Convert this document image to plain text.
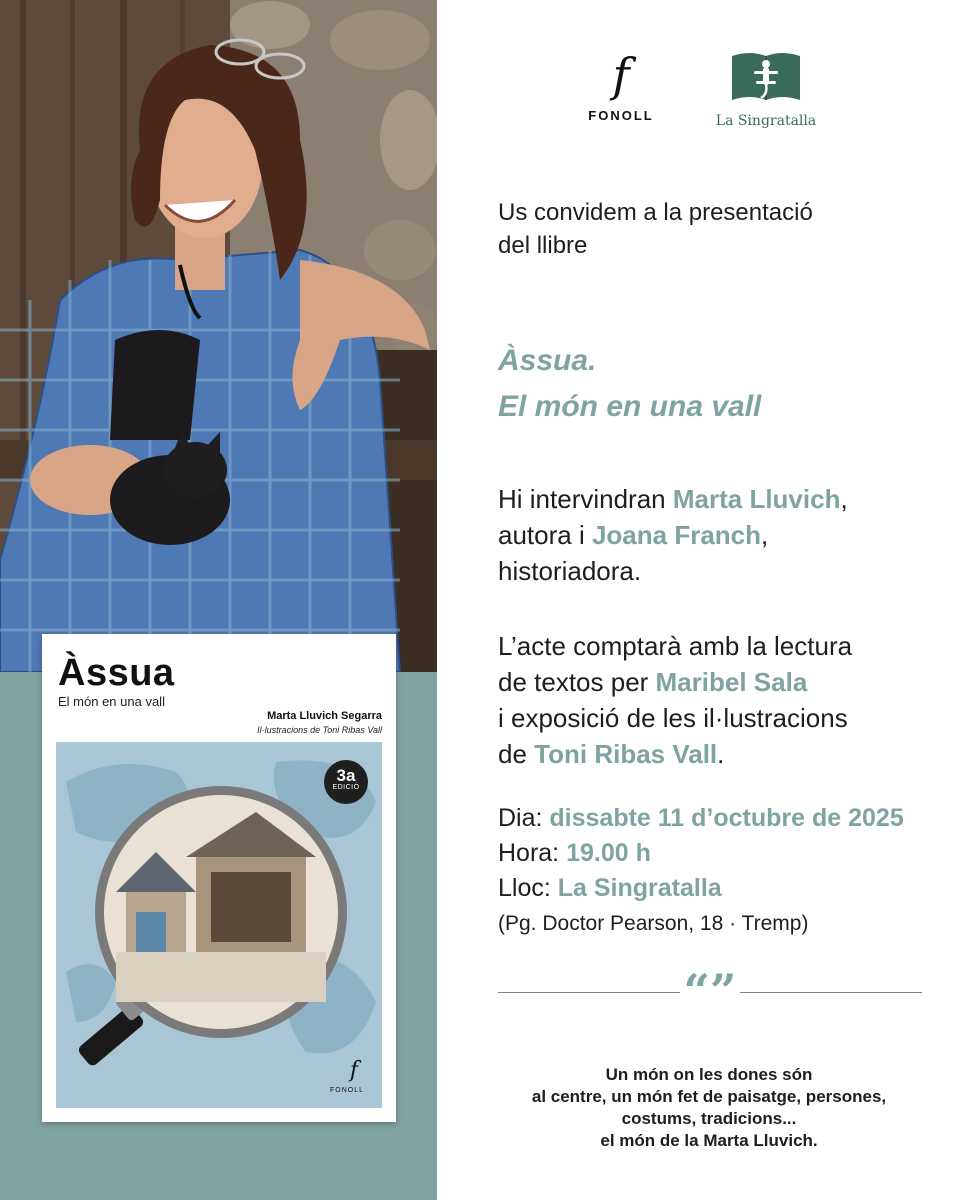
Àssua
El món en una vall
Marta Lluvich Segarra
Il·lustracions de Toni Ribas Vall
3a
EDICIÓ
f
FONOLL
f
FONOLL	La Singratalla
Us convidem a la presentació
del llibre
Àssua.
El món en una vall
Hi intervindran Marta Lluvich,
autora i Joana Franch,
historiadora.
L’acte comptarà amb la lectura
de textos per Maribel Sala
i exposició de les il·lustracions
de Toni Ribas Vall.
Dia: dissabte 11 d’octubre de 2025
Hora: 19.00 h
Lloc: La Singratalla
(Pg. Doctor Pearson, 18 · Tremp)
“”
Un món on les dones són
al centre, un món fet de paisatge, persones,
costums, tradicions...
el món de la Marta Lluvich.
